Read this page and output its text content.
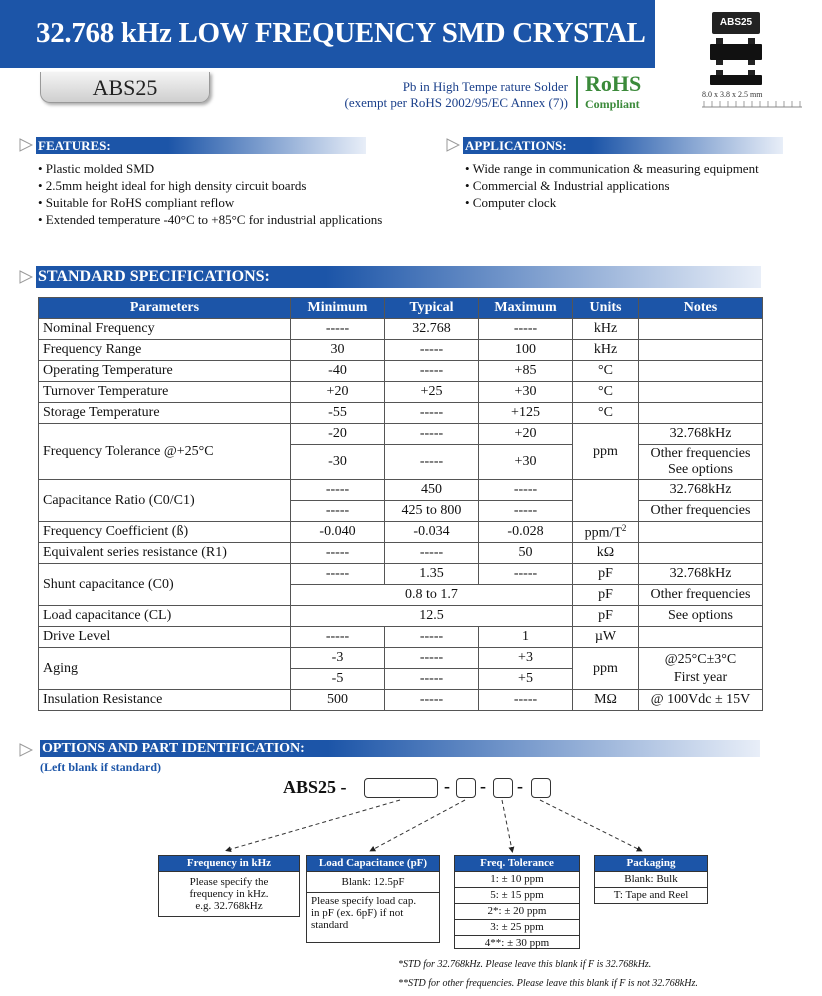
32.768 kHz LOW FREQUENCY SMD CRYSTAL
ABS25	Pb in High Tempe rature Solder
(exempt per RoHS 2002/95/EC Annex (7))
RoHS
Compliant
ABS25
8.0 x 3.8 x 2.5 mm
FEATURES:
• Plastic molded SMD
• 2.5mm height ideal for high density circuit boards
• Suitable for RoHS compliant reflow
• Extended temperature -40°C to +85°C for industrial applications
APPLICATIONS:
• Wide range in communication & measuring equipment
• Commercial & Industrial applications
• Computer clock
STANDARD SPECIFICATIONS:
Parameters	Minimum	Typical	Maximum	Units	Notes
Nominal Frequency	-----	32.768	-----	kHz	
Frequency Range	30	-----	100	kHz	
Operating Temperature	-40	-----	+85	°C	
Turnover Temperature	+20	+25	+30	°C	
Storage Temperature	-55	-----	+125	°C	
Frequency Tolerance @+25°C	-20	-----	+20	ppm	32.768kHz
	-30	-----	+30		Other frequencies
See options

Capacitance Ratio (C0/C1)	-----	450	-----		32.768kHz
	-----	425 to 800	-----		Other frequencies
Frequency Coefficient (ß)	-0.040	-0.034	-0.028	ppm/$T^2$	
Equivalent series resistance (R1)	-----	-----	50	kΩ	
Shunt capacitance (C0)	-----	1.35	-----	pF	32.768kHz
	0.8 to 1.7			pF	Other frequencies
Load capacitance (CL)	12.5			pF	See options
Drive Level	-----	-----	1	µW	
Aging	-3	-----	+3	ppm	@25°C±3°C
First year

	-5	-----	+5		
Insulation Resistance	500	-----	-----	MΩ	@ 100Vdc ± 15V
OPTIONS AND PART IDENTIFICATION:
(Left blank if standard)
ABS25 -	- - -
Frequency in kHz
Please specify the
frequency in kHz.
e.g. 32.768kHz
Load Capacitance (pF)
Blank: 12.5pF
Please specify load cap.
in pF (ex. 6pF) if not
standard
Freq. Tolerance
1: ± 10 ppm
5: ± 15 ppm
2*: ± 20 ppm
3: ± 25 ppm
4**: ± 30 ppm
Packaging
Blank: Bulk
T: Tape and Reel
*STD for 32.768kHz. Please leave this blank if F is 32.768kHz.
**STD for other frequencies. Please leave this blank if F is not 32.768kHz.
